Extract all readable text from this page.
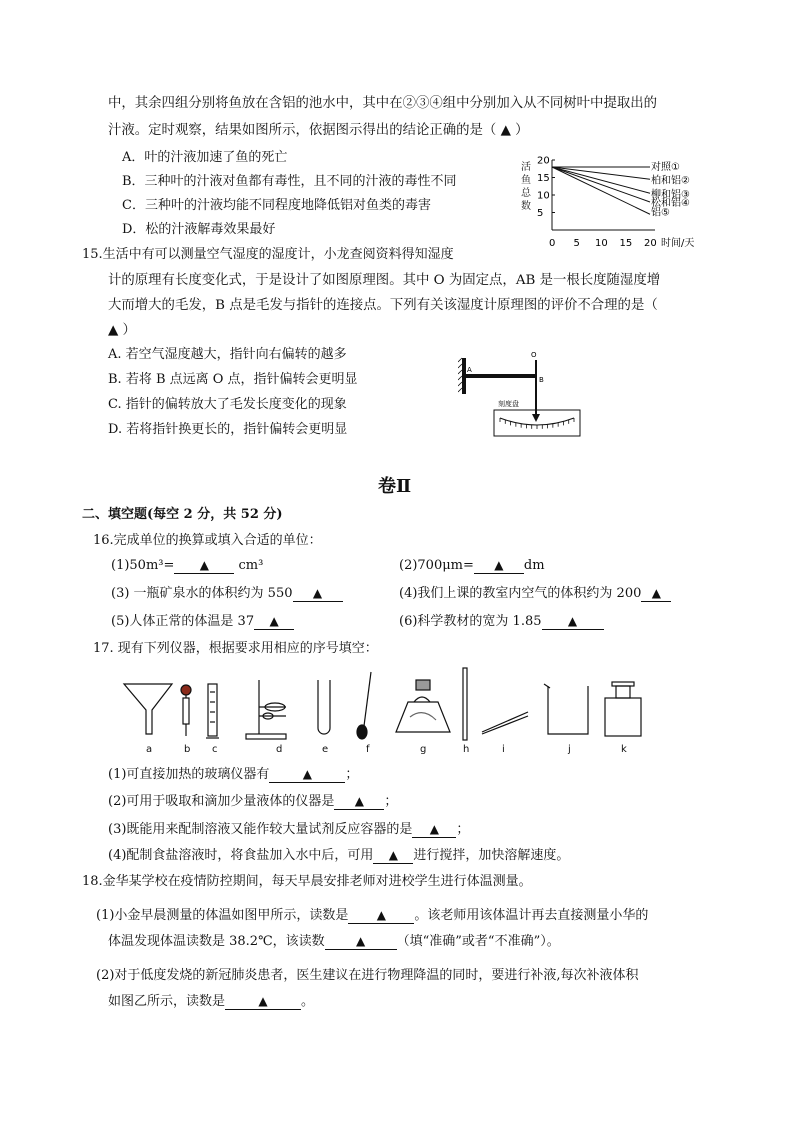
中，其余四组分别将鱼放在含铝的池水中，其中在②③④组中分别加入从不同树叶中提取出的
汁液。定时观察，结果如图所示，依据图示得出的结论正确的是（ ▲ ）
A．叶的汁液加速了鱼的死亡
B．三种叶的汁液对鱼都有毒性，且不同的汁液的毒性不同
C．三种叶的汁液均能不同程度地降低铝对鱼类的毒害
D．松的汁液解毒效果最好
活
鱼
总
数
5
10
15
20
0 5 10 15 20
对照①
柏和铝②
柳和铝③
松和铝④
铝⑤
时间/天
15.生活中有可以测量空气湿度的湿度计，小龙查阅资料得知湿度
计的原理有长度变化式，于是设计了如图原理图。其中 O 为固定点，AB 是一根长度随湿度增
大而增大的毛发，B 点是毛发与指针的连接点。下列有关该湿度计原理图的评价不合理的是（
▲ ）
A. 若空气湿度越大，指针向右偏转的越多
B. 若将 B 点远离 O 点，指针偏转会更明显
C. 指针的偏转放大了毛发长度变化的现象
D. 若将指针换更长的，指针偏转会更明显
O
A
B
刻度盘
卷Ⅱ
二、填空题(每空 2 分，共 52 分)
16.完成单位的换算或填入合适的单位：
(1)50m³= ▲ cm³	(2)700μm= ▲ dm
(3) 一瓶矿泉水的体积约为 550 ▲	(4)我们上课的教室内空气的体积约为 200 ▲
(5)人体正常的体温是 37 ▲	(6)科学教材的宽为 1.85 ▲
17. 现有下列仪器，根据要求用相应的序号填空：
a	b c	d	e	f	g	h	i	j	k
(1)可直接加热的玻璃仪器有	▲	；
(2)可用于吸取和滴加少量液体的仪器是 ▲ ；
(3)既能用来配制溶液又能作较大量试剂反应容器的是 ▲ ；
(4)配制食盐溶液时，将食盐加入水中后，可用 ▲ 进行搅拌，加快溶解速度。
18.金华某学校在疫情防控期间，每天早晨安排老师对进校学生进行体温测量。
(1)小金早晨测量的体温如图甲所示，读数是 ▲ 。该老师用该体温计再去直接测量小华的
体温发现体温读数是 38.2℃，该读数	▲ （填“准确”或者“不准确”）。
(2)对于低度发烧的新冠肺炎患者，医生建议在进行物理降温的同时，要进行补液,每次补液体积
如图乙所示，读数是	▲	。
